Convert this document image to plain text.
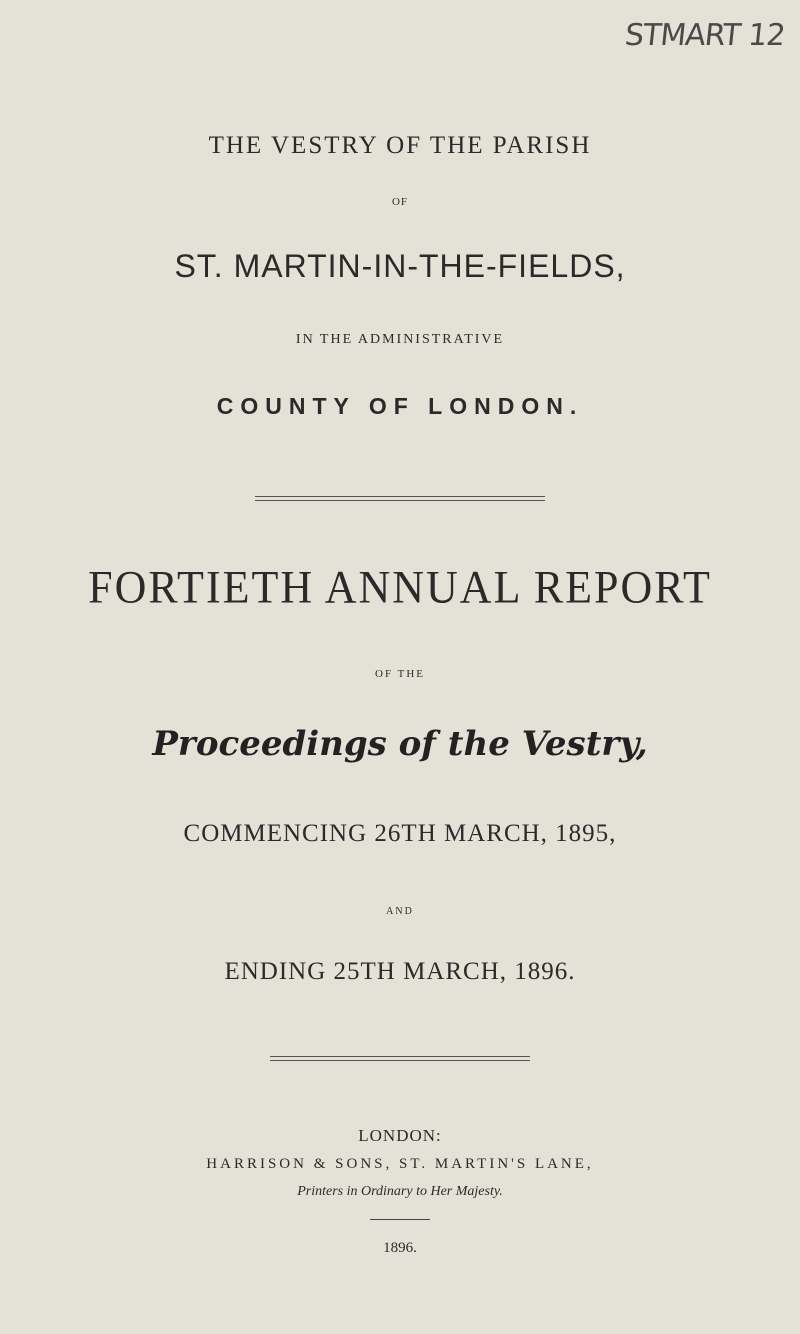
STMART 12
THE VESTRY OF THE PARISH
OF
ST. MARTIN-IN-THE-FIELDS,
IN THE ADMINISTRATIVE
COUNTY OF LONDON.
FORTIETH ANNUAL REPORT
OF THE
Proceedings of the Vestry,
COMMENCING 26TH MARCH, 1895,
AND
ENDING 25TH MARCH, 1896.
LONDON:
HARRISON & SONS, ST. MARTIN'S LANE,
Printers in Ordinary to Her Majesty.
1896.
